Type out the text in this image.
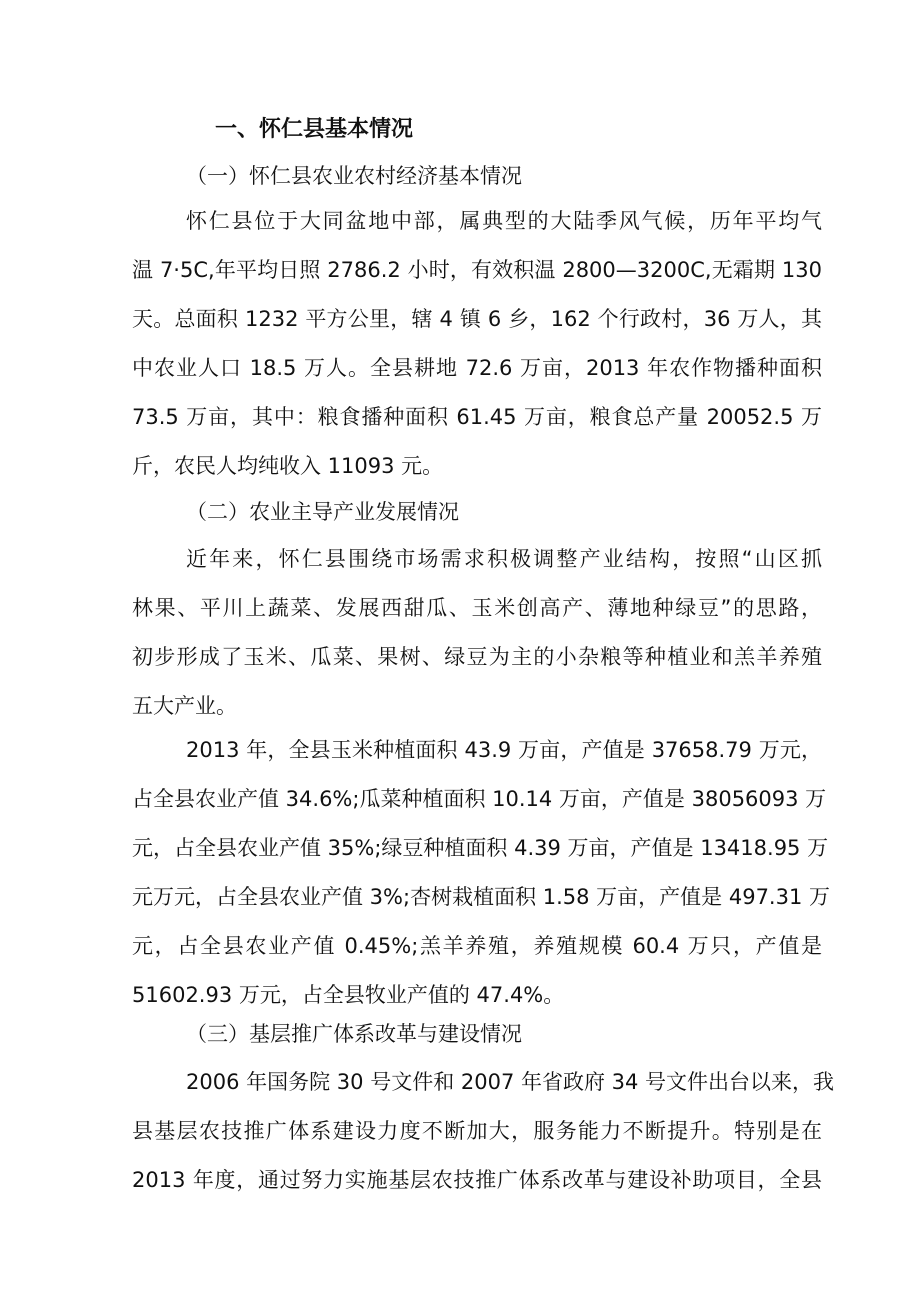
一、怀仁县基本情况
（一）怀仁县农业农村经济基本情况
怀仁县位于大同盆地中部，属典型的大陆季风气候，历年平均气
温 7·5C,年平均日照 2786.2 小时，有效积温 2800—3200C,无霜期 130
天。总面积 1232 平方公里，辖 4 镇 6 乡，162 个行政村，36 万人，其
中农业人口 18.5 万人。全县耕地 72.6 万亩，2013 年农作物播种面积
73.5 万亩，其中：粮食播种面积 61.45 万亩，粮食总产量 20052.5 万
斤，农民人均纯收入 11093 元。
（二）农业主导产业发展情况
近年来，怀仁县围绕市场需求积极调整产业结构，按照“山区抓
林果、平川上蔬菜、发展西甜瓜、玉米创高产、薄地种绿豆”的思路，
初步形成了玉米、瓜菜、果树、绿豆为主的小杂粮等种植业和羔羊养殖
五大产业。
2013 年，全县玉米种植面积 43.9 万亩，产值是 37658.79 万元，
占全县农业产值 34.6%;瓜菜种植面积 10.14 万亩，产值是 38056093 万
元，占全县农业产值 35%;绿豆种植面积 4.39 万亩，产值是 13418.95 万
元万元，占全县农业产值 3%;杏树栽植面积 1.58 万亩，产值是 497.31 万
元，占全县农业产值 0.45%;羔羊养殖，养殖规模 60.4 万只，产值是
51602.93 万元，占全县牧业产值的 47.4%。
（三）基层推广体系改革与建设情况
2006 年国务院 30 号文件和 2007 年省政府 34 号文件出台以来，我
县基层农技推广体系建设力度不断加大，服务能力不断提升。特别是在
2013 年度，通过努力实施基层农技推广体系改革与建设补助项目，全县
